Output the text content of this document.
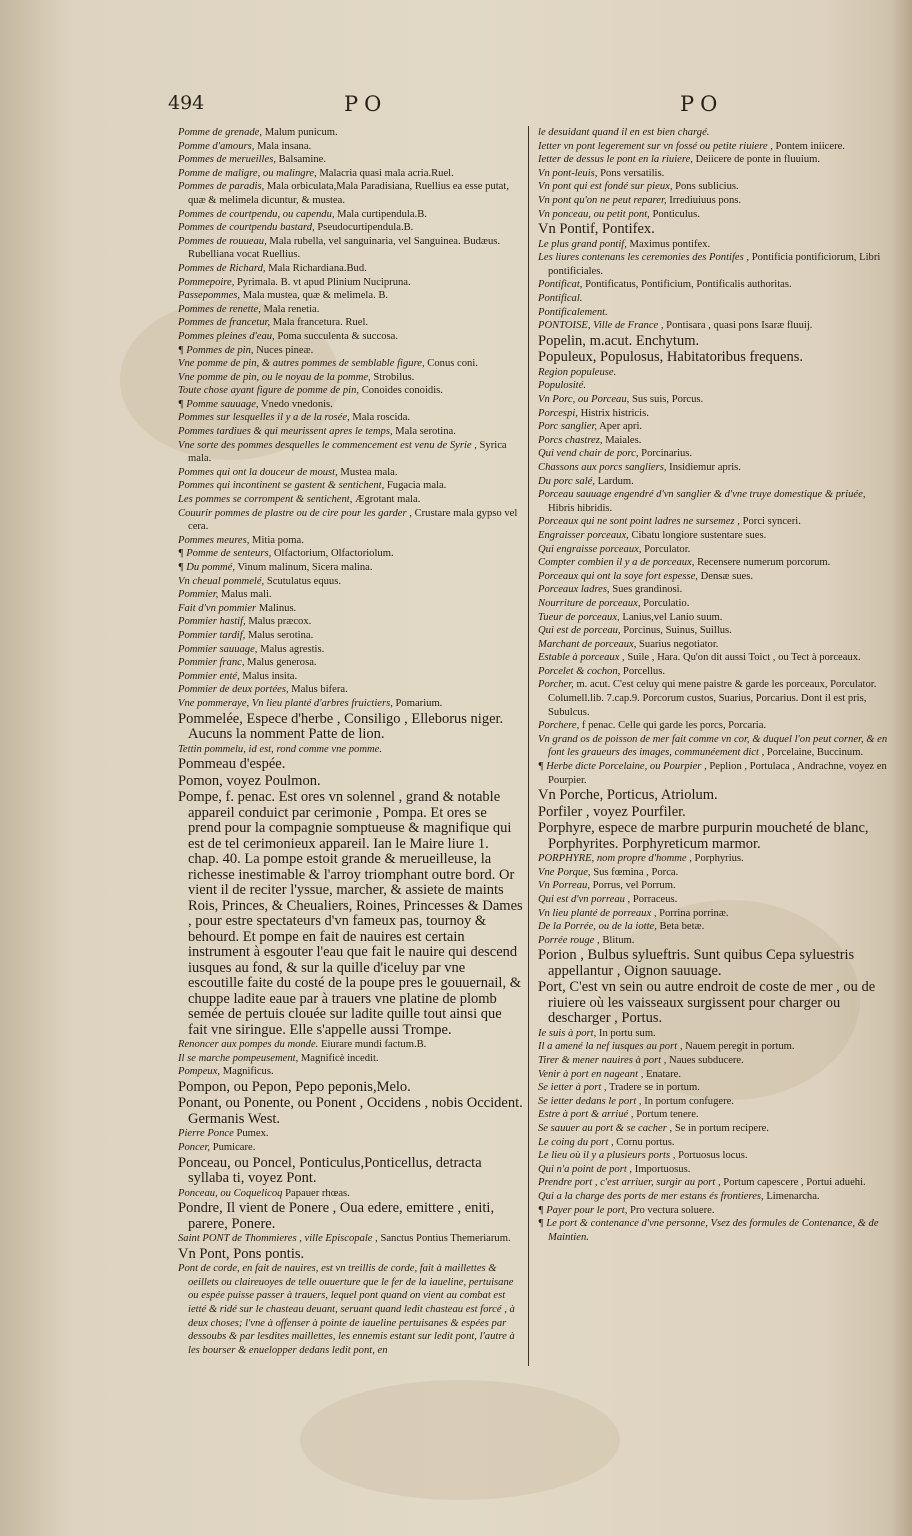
494	PO	PO

Pomme de grenade, Malum punicum.

Pomme d'amours, Mala insana.

Pommes de merueilles, Balsamine.

Pomme de maligre, ou malingre, Malacria quasi mala acria.Ruel.

Pommes de paradis, Mala orbiculata,Mala Paradisiana, Ruellius ea esse putat, quæ & melimela dicuntur, & mustea.

Pommes de courtpendu, ou capendu, Mala curtipendula.B.

Pommes de courtpendu bastard, Pseudocurtipendula.B.

Pommes de rouueau, Mala rubella, vel sanguinaria, vel Sanguinea. Budæus. Rubelliana vocat Ruellius.

Pommes de Richard, Mala Richardiana.Bud.

Pommepoire, Pyrimala. B. vt apud Plinium Nucipruna.

Passepommes, Mala mustea, quæ & melimela. B.

Pommes de renette, Mala renetia.

Pommes de francetur, Mala francetura. Ruel.

Pommes pleines d'eau, Poma succulenta & succosa.

¶ Pommes de pin, Nuces pineæ.

Vne pomme de pin, & autres pommes de semblable figure, Conus coni.

Vne pomme de pin, ou le noyau de la pomme, Strobilus.

Toute chose ayant figure de pomme de pin, Conoides conoidis.

¶ Pomme sauuage, Vnedo vnedonis.

Pommes sur lesquelles il y a de la rosée, Mala roscida.

Pommes tardiues & qui meurissent apres le temps, Mala serotina.

Vne sorte des pommes desquelles le commencement est venu de Syrie , Syrica mala.

Pommes qui ont la douceur de moust, Mustea mala.

Pommes qui incontinent se gastent & sentichent, Fugacia mala.

Les pommes se corrompent & sentichent, Ægrotant mala.

Couurir pommes de plastre ou de cire pour les garder , Crustare mala gypso vel cera.

Pommes meures, Mitia poma.

¶ Pomme de senteurs, Olfactorium, Olfactoriolum.

¶ Du pommé, Vinum malinum, Sicera malina.

Vn cheual pommelé, Scutulatus equus.

Pommier, Malus mali.

Fait d'vn pommier Malinus.

Pommier hastif, Malus præcox.

Pommier tardif, Malus serotina.

Pommier sauuage, Malus agrestis.

Pommier franc, Malus generosa.

Pommier enté, Malus insita.

Pommier de deux portées, Malus bifera.

Vne pommeraye, Vn lieu planté d'arbres fruictiers, Pomarium.

Pommelée, Espece d'herbe , Consiligo , Elleborus niger. Aucuns la nomment Patte de lion.

Tettin pommelu, id est, rond comme vne pomme.

Pommeau d'espée.

Pomon, voyez Poulmon.

Pompe, f. penac. Est ores vn solennel , grand & notable appareil conduict par cerimonie , Pompa. Et ores se prend pour la compagnie somptueuse & magnifique qui est de tel cerimonieux appareil. Ian le Maire liure 1. chap. 40. La pompe estoit grande & merueilleuse, la richesse inestimable & l'arroy triomphant outre bord. Or vient il de reciter l'yssue, marcher, & assiete de maints Rois, Princes, & Cheualiers, Roines, Princesses & Dames , pour estre spectateurs d'vn fameux pas, tournoy & behourd. Et pompe en fait de nauires est certain instrument à esgouter l'eau que fait le nauire qui descend iusques au fond, & sur la quille d'iceluy par vne escoutille faite du costé de la poupe pres le gouuernail, & chuppe ladite eaue par à trauers vne platine de plomb semée de pertuis clouée sur ladite quille tout ainsi que fait vne siringue. Elle s'appelle aussi Trompe.

Renoncer aux pompes du monde. Eiurare mundi factum.B.

Il se marche pompeusement, Magnificè incedit.

Pompeux, Magnificus.

Pompon, ou Pepon, Pepo peponis,Melo.

Ponant, ou Ponente, ou Ponent , Occidens , nobis Occident. Germanis West.

Pierre Ponce Pumex.

Poncer, Pumicare.

Ponceau, ou Poncel, Ponticulus,Ponticellus, detracta syllaba ti, voyez Pont.

Ponceau, ou Coquelicoq Papauer rhœas.

Pondre, Il vient de Ponere , Oua edere, emittere , eniti, parere, Ponere.

Saint PONT de Thommieres , ville Episcopale , Sanctus Pontius Themeriarum.

Vn Pont, Pons pontis.

Pont de corde, en fait de nauires, est vn treillis de corde, fait à maillettes & oeillets ou claireuoyes de telle ouuerture que le fer de la iaueline, pertuisane ou espée puisse passer à trauers, lequel pont quand on vient au combat est ietté & ridé sur le chasteau deuant, seruant quand ledit chasteau est forcé , à deux choses; l'vne à offenser à pointe de iaueline pertuisanes & espées par dessoubs & par lesdites maillettes, les ennemis estant sur ledit pont, l'autre à les bourser & enuelopper dedans ledit pont, en

le desuidant quand il en est bien chargé.

Ietter vn pont legerement sur vn fossé ou petite riuiere , Pontem iniicere.

Ietter de dessus le pont en la riuiere, Deiicere de ponte in fluuium.

Vn pont-leuis, Pons versatilis.

Vn pont qui est fondé sur pieux, Pons sublicius.

Vn pont qu'on ne peut reparer, Irrediuiuus pons.

Vn ponceau, ou petit pont, Ponticulus.

Vn Pontif, Pontifex.

Le plus grand pontif, Maximus pontifex.

Les liures contenans les ceremonies des Pontifes , Pontificia pontificiorum, Libri pontificiales.

Pontificat, Pontificatus, Pontificium, Pontificalis authoritas.

Pontifical.

Pontificalement.

PONTOISE, Ville de France , Pontisara , quasi pons Isaræ fluuij.

Popelin, m.acut. Enchytum.

Populeux, Populosus, Habitatoribus frequens.

Region populeuse.

Populosité.

Vn Porc, ou Porceau, Sus suis, Porcus.

Porcespi, Histrix histricis.

Porc sanglier, Aper apri.

Porcs chastrez, Maiales.

Qui vend chair de porc, Porcinarius.

Chassons aux porcs sangliers, Insidiemur apris.

Du porc salé, Lardum.

Porceau sauuage engendré d'vn sanglier & d'vne truye domestique & priuée, Hibris hibridis.

Porceaux qui ne sont point ladres ne sursemez , Porci synceri.

Engraisser porceaux, Cibatu longiore sustentare sues.

Qui engraisse porceaux, Porculator.

Compter combien il y a de porceaux, Recensere numerum porcorum.

Porceaux qui ont la soye fort espesse, Densæ sues.

Porceaux ladres, Sues grandinosi.

Nourriture de porceaux, Porculatio.

Tueur de porceaux, Lanius,vel Lanio suum.

Qui est de porceau, Porcinus, Suinus, Suillus.

Marchant de porceaux, Suarius negotiator.

Estable à porceaux , Suile , Hara. Qu'on dit aussi Toict , ou Tect à porceaux.

Porcelet & cochon, Porcellus.

Porcher, m. acut. C'est celuy qui mene paistre & garde les porceaux, Porculator. Columell.lib. 7.cap.9. Porcorum custos, Suarius, Porcarius. Dont il est pris, Subulcus.

Porchere, f penac. Celle qui garde les porcs, Porcaria.

Vn grand os de poisson de mer fait comme vn cor, & duquel l'on peut corner, & en font les graueurs des images, communéement dict , Porcelaine, Buccinum.

¶ Herbe dicte Porcelaine, ou Pourpier , Peplion , Portulaca , Andrachne, voyez en Pourpier.

Vn Porche, Porticus, Atriolum.

Porfiler , voyez Pourfiler.

Porphyre, espece de marbre purpurin moucheté de blanc, Porphyrites. Porphyreticum marmor.

PORPHYRE, nom propre d'homme , Porphyrius.

Vne Porque, Sus fœmina , Porca.

Vn Porreau, Porrus, vel Porrum.

Qui est d'vn porreau , Porraceus.

Vn lieu planté de porreaux , Porrina porrinæ.

De la Porrée, ou de la iotte, Beta betæ.

Porrée rouge , Blitum.

Porion , Bulbus sylueftris. Sunt quibus Cepa syluestris appellantur , Oignon sauuage.

Port, C'est vn sein ou autre endroit de coste de mer , ou de riuiere où les vaisseaux surgissent pour charger ou descharger , Portus.

Ie suis à port, In portu sum.

Il a amené la nef iusques au port , Nauem peregit in portum.

Tirer & mener nauires à port , Naues subducere.

Venir à port en nageant , Enatare.

Se ietter à port , Tradere se in portum.

Se ietter dedans le port , In portum confugere.

Estre à port & arriué , Portum tenere.

Se sauuer au port & se cacher , Se in portum recipere.

Le coing du port , Cornu portus.

Le lieu où il y a plusieurs ports , Portuosus locus.

Qui n'a point de port , Importuosus.

Prendre port , c'est arriuer, surgir au port , Portum capescere , Portui aduehi.

Qui a la charge des ports de mer estans és frontieres, Limenarcha.

¶ Payer pour le port, Pro vectura soluere.

¶ Le port & contenance d'vne personne, Vsez des formules de Contenance, & de Maintien.
